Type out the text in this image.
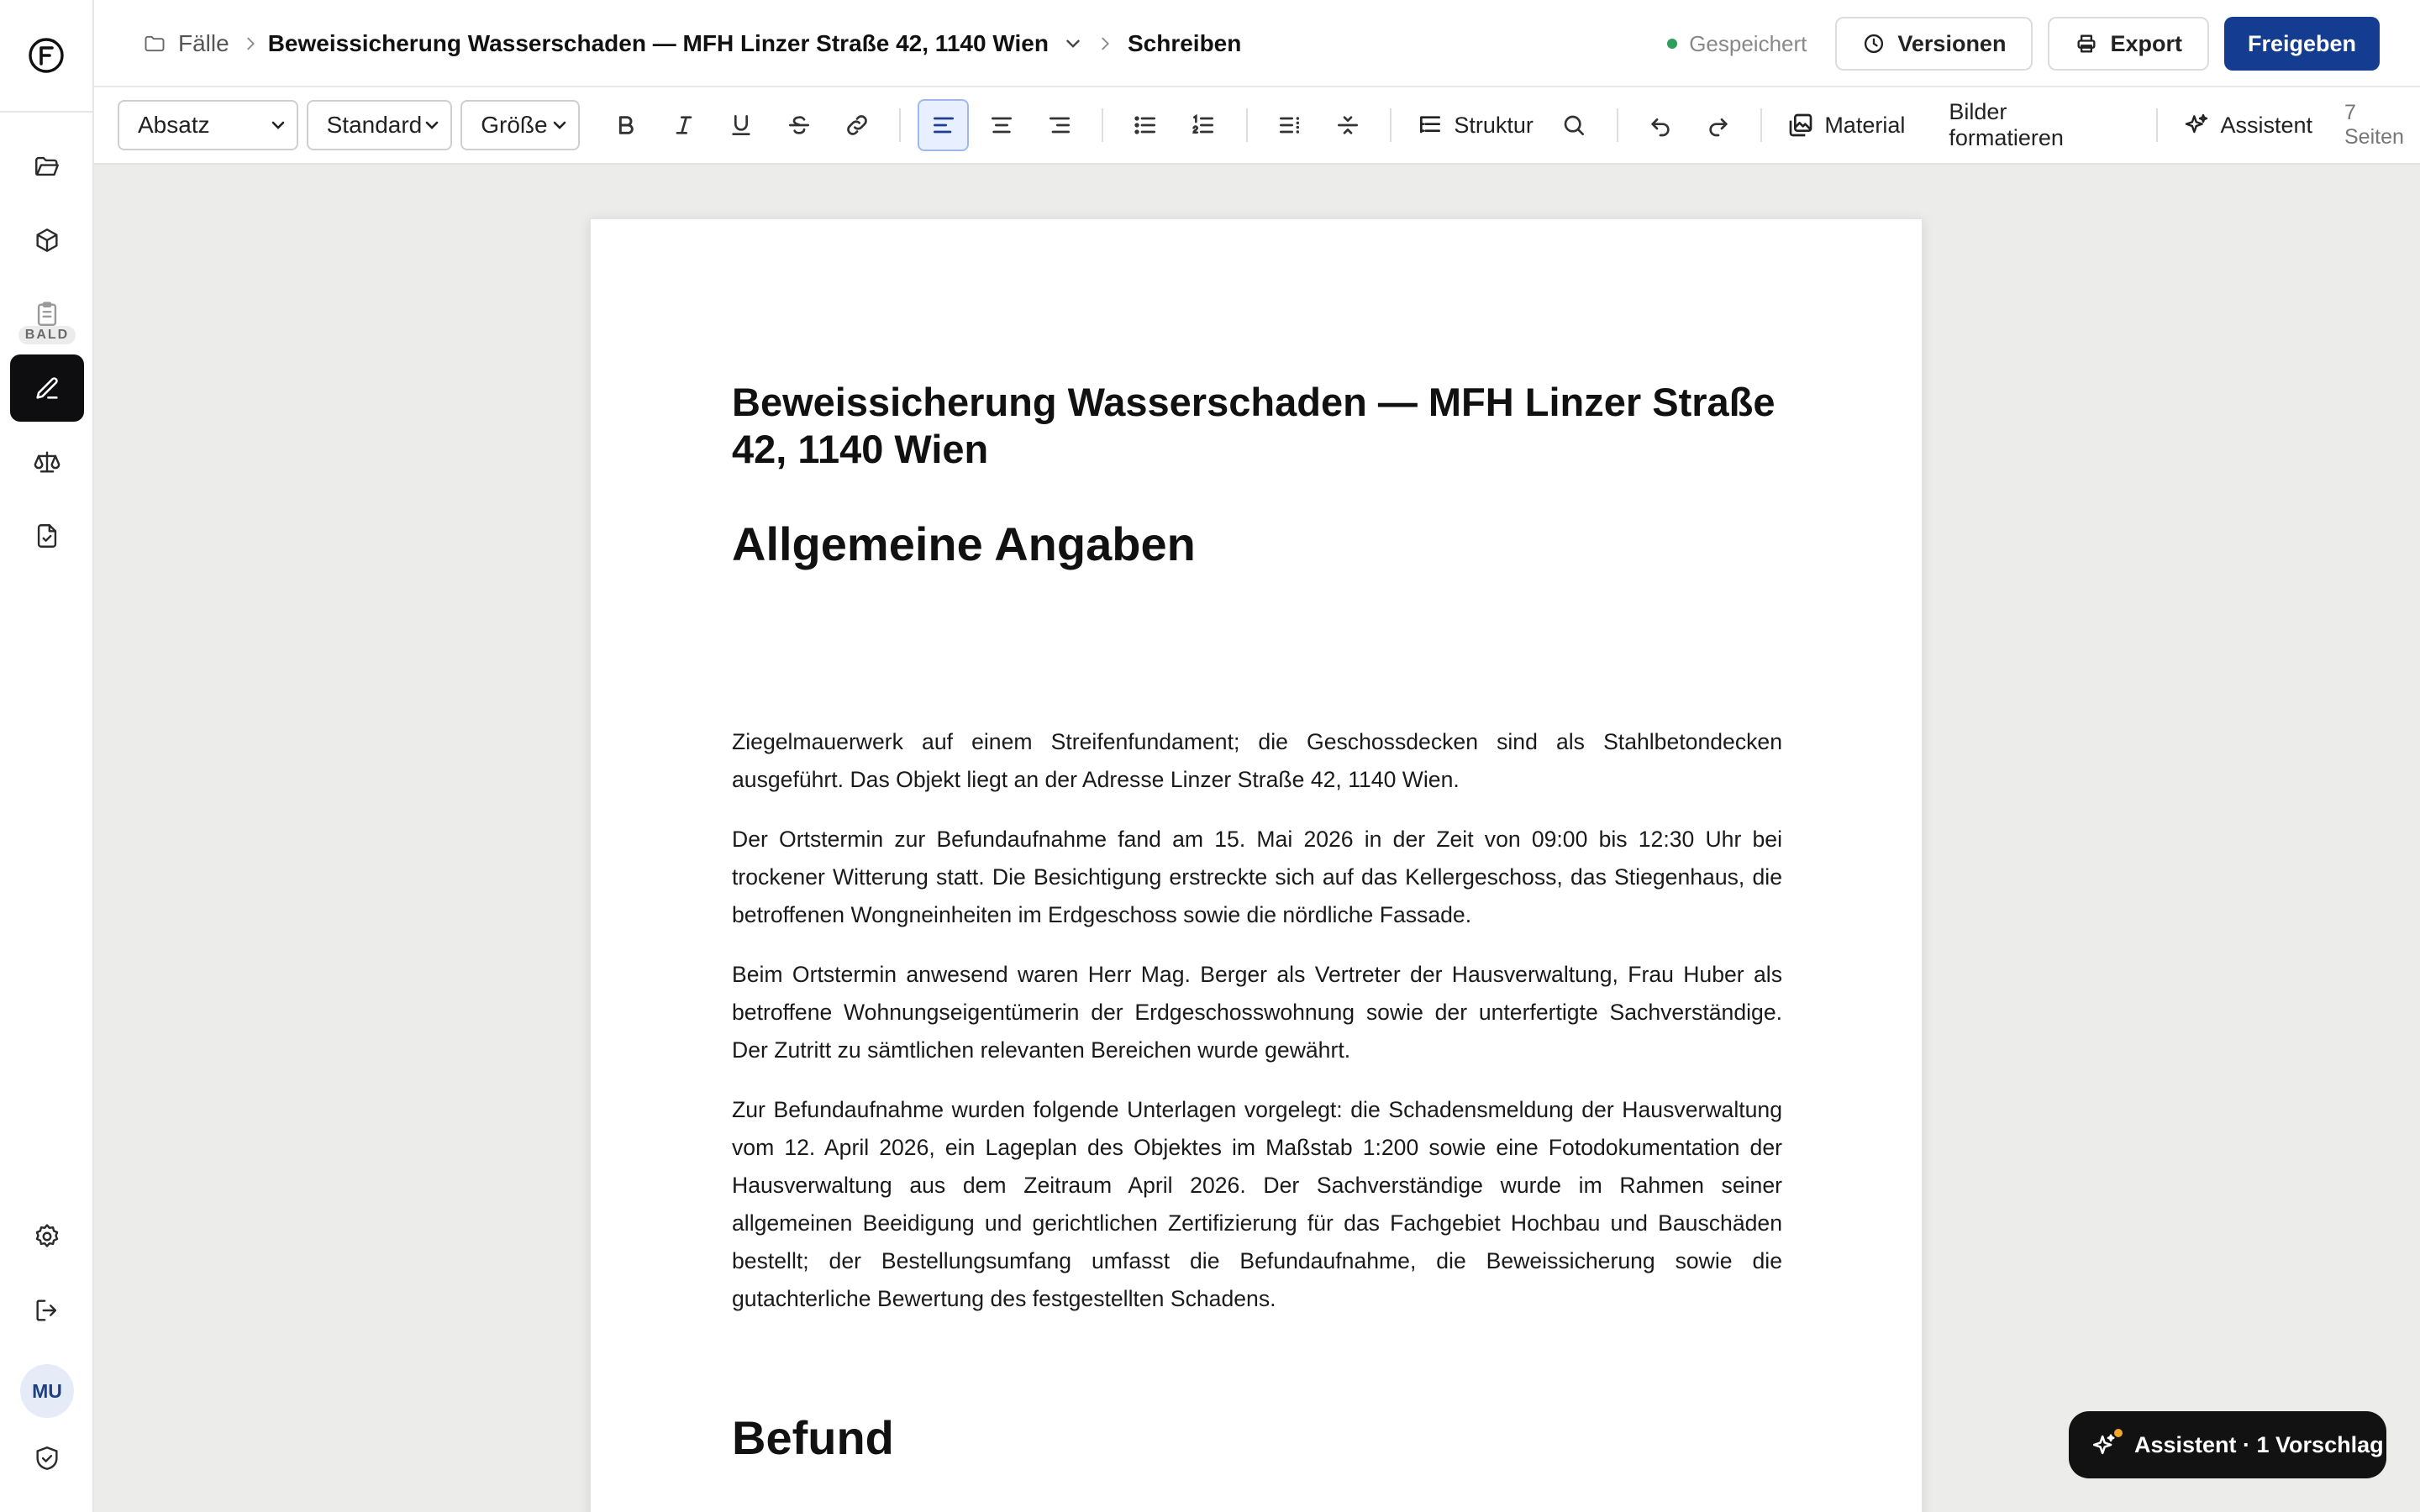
BALD
MU
Fälle Beweissicherung Wasserschaden — MFH Linzer Straße 42, 1140 Wien	Schreiben	Gespeichert	Versionen	Export	Freigeben
Absatz	Standard	Größe	Struktur	Material
Bilder formatieren
Assistent 7 Seiten
Beweissicherung Wasserschaden — MFH Linzer Straße 42, 1140 Wien
Allgemeine Angaben

Ziegelmauerwerk auf einem Streifenfundament; die Geschossdecken sind als Stahlbetondecken ausgeführt. Das Objekt liegt an der Adresse Linzer Straße 42, 1140 Wien.

Der Ortstermin zur Befundaufnahme fand am 15. Mai 2026 in der Zeit von 09:00 bis 12:30 Uhr bei trockener Witterung statt. Die Besichtigung erstreckte sich auf das Kellergeschoss, das Stiegenhaus, die betroffenen Wongneinheiten im Erdgeschoss sowie die nördliche Fassade.

Beim Ortstermin anwesend waren Herr Mag. Berger als Vertreter der Hausverwaltung, Frau Huber als betroffene Wohnungseigentümerin der Erdgeschosswohnung sowie der unterfertigte Sachverständige. Der Zutritt zu sämtlichen relevanten Bereichen wurde gewährt.

Zur Befundaufnahme wurden folgende Unterlagen vorgelegt: die Schadensmeldung der Hausverwaltung vom 12. April 2026, ein Lageplan des Objektes im Maßstab 1:200 sowie eine Fotodokumentation der Hausverwaltung aus dem Zeitraum April 2026. Der Sachverständige wurde im Rahmen seiner allgemeinen Beeidigung und gerichtlichen Zertifizierung für das Fachgebiet Hochbau und Bauschäden bestellt; der Bestellungsumfang umfasst die Befundaufnahme, die Beweissicherung sowie die gutachterliche Bewertung des festgestellten Schadens.

Befund	Assistent · 1 Vorschlag
